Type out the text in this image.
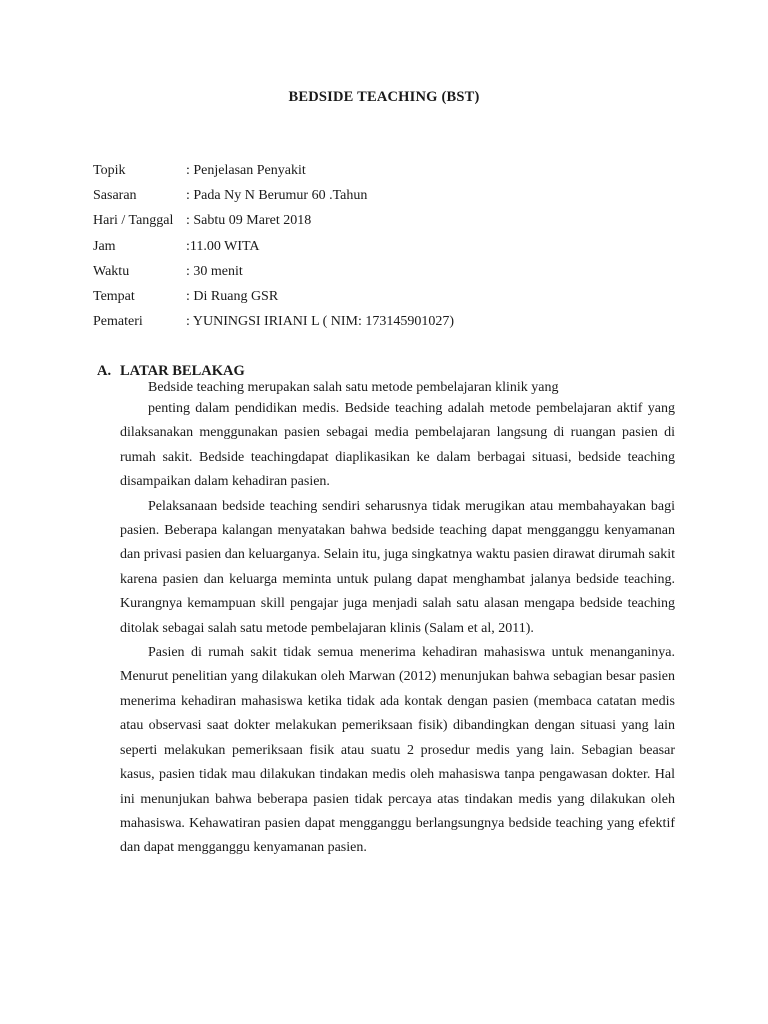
BEDSIDE TEACHING (BST)
Topik	: Penjelasan Penyakit
Sasaran	: Pada Ny N Berumur 60 .Tahun
Hari / Tanggal : Sabtu 09 Maret 2018
Jam	:11.00 WITA
Waktu	: 30 menit
Tempat	: Di Ruang GSR
Pemateri	: YUNINGSI IRIANI L ( NIM: 173145901027)
A. LATAR BELAKAG
Bedside teaching merupakan salah satu metode pembelajaran klinik yang

penting dalam pendidikan medis. Bedside teaching adalah metode pembelajaran aktif yang dilaksanakan menggunakan pasien sebagai media pembelajaran langsung di ruangan pasien di rumah sakit. Bedside teachingdapat diaplikasikan ke dalam berbagai situasi, bedside teaching disampaikan dalam kehadiran pasien.

Pelaksanaan bedside teaching sendiri seharusnya tidak merugikan atau membahayakan bagi pasien. Beberapa kalangan menyatakan bahwa bedside teaching dapat mengganggu kenyamanan dan privasi pasien dan keluarganya. Selain itu, juga singkatnya waktu pasien dirawat dirumah sakit karena pasien dan keluarga meminta untuk pulang dapat menghambat jalanya bedside teaching. Kurangnya kemampuan skill pengajar juga menjadi salah satu alasan mengapa bedside teaching ditolak sebagai salah satu metode pembelajaran klinis (Salam et al, 2011).

Pasien di rumah sakit tidak semua menerima kehadiran mahasiswa untuk menanganinya. Menurut penelitian yang dilakukan oleh Marwan (2012) menunjukan bahwa sebagian besar pasien menerima kehadiran mahasiswa ketika tidak ada kontak dengan pasien (membaca catatan medis atau observasi saat dokter melakukan pemeriksaan fisik) dibandingkan dengan situasi yang lain seperti melakukan pemeriksaan fisik atau suatu 2 prosedur medis yang lain. Sebagian beasar kasus, pasien tidak mau dilakukan tindakan medis oleh mahasiswa tanpa pengawasan dokter. Hal ini menunjukan bahwa beberapa pasien tidak percaya atas tindakan medis yang dilakukan oleh mahasiswa. Kehawatiran pasien dapat mengganggu berlangsungnya bedside teaching yang efektif dan dapat mengganggu kenyamanan pasien.
